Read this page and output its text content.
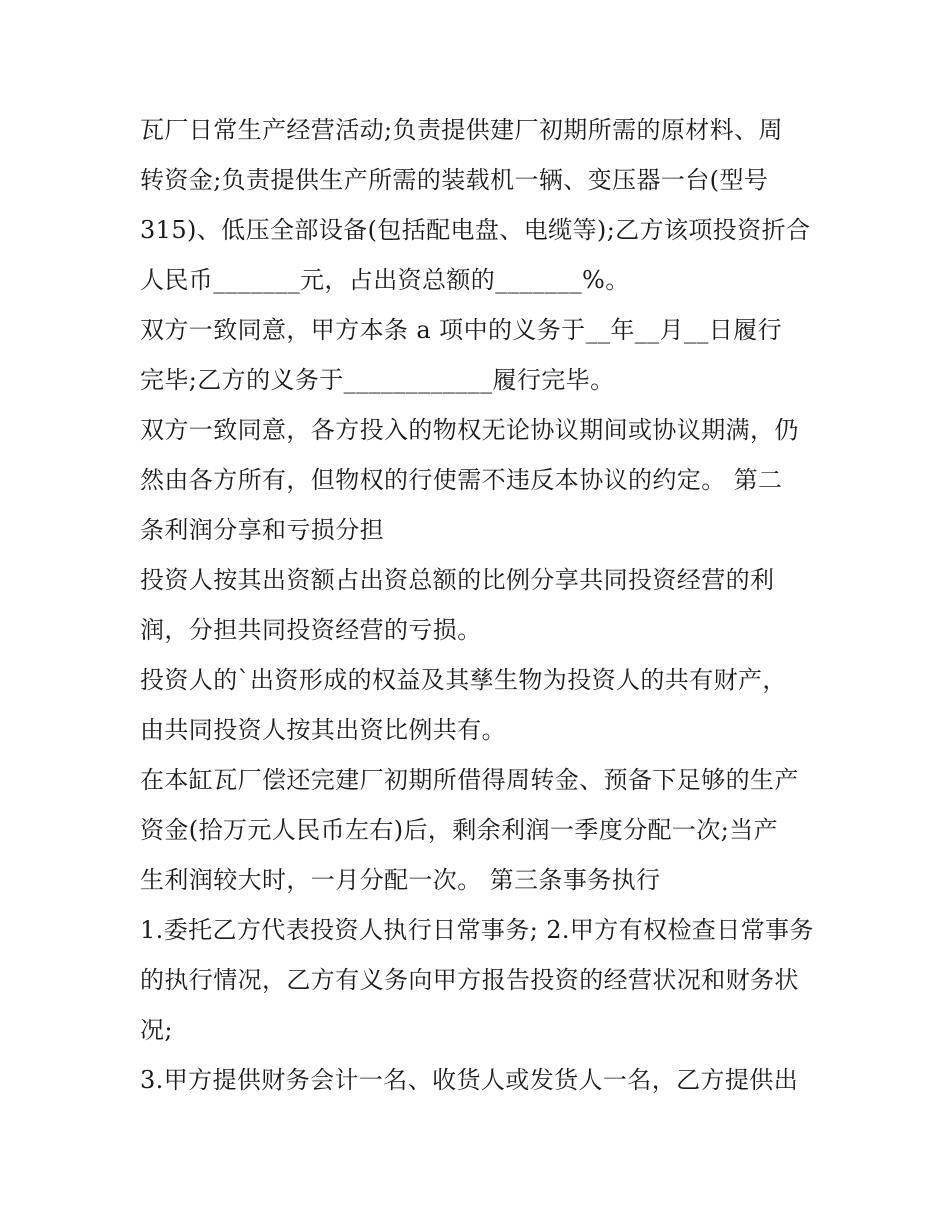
瓦厂日常生产经营活动;负责提供建厂初期所需的原材料、周
转资金;负责提供生产所需的装载机一辆、变压器一台(型号
315)、低压全部设备(包括配电盘、电缆等);乙方该项投资折合
人民币_______元，占出资总额的_______%。
双方一致同意，甲方本条 a 项中的义务于__年__月__日履行
完毕;乙方的义务于____________履行完毕。
双方一致同意，各方投入的物权无论协议期间或协议期满，仍
然由各方所有，但物权的行使需不违反本协议的约定。 第二
条利润分享和亏损分担
投资人按其出资额占出资总额的比例分享共同投资经营的利
润，分担共同投资经营的亏损。
投资人的`出资形成的权益及其孳生物为投资人的共有财产，
由共同投资人按其出资比例共有。
在本缸瓦厂偿还完建厂初期所借得周转金、预备下足够的生产
资金(拾万元人民币左右)后，剩余利润一季度分配一次;当产
生利润较大时，一月分配一次。 第三条事务执行
1.委托乙方代表投资人执行日常事务; 2.甲方有权检查日常事务
的执行情况，乙方有义务向甲方报告投资的经营状况和财务状
况;
3.甲方提供财务会计一名、收货人或发货人一名，乙方提供出
